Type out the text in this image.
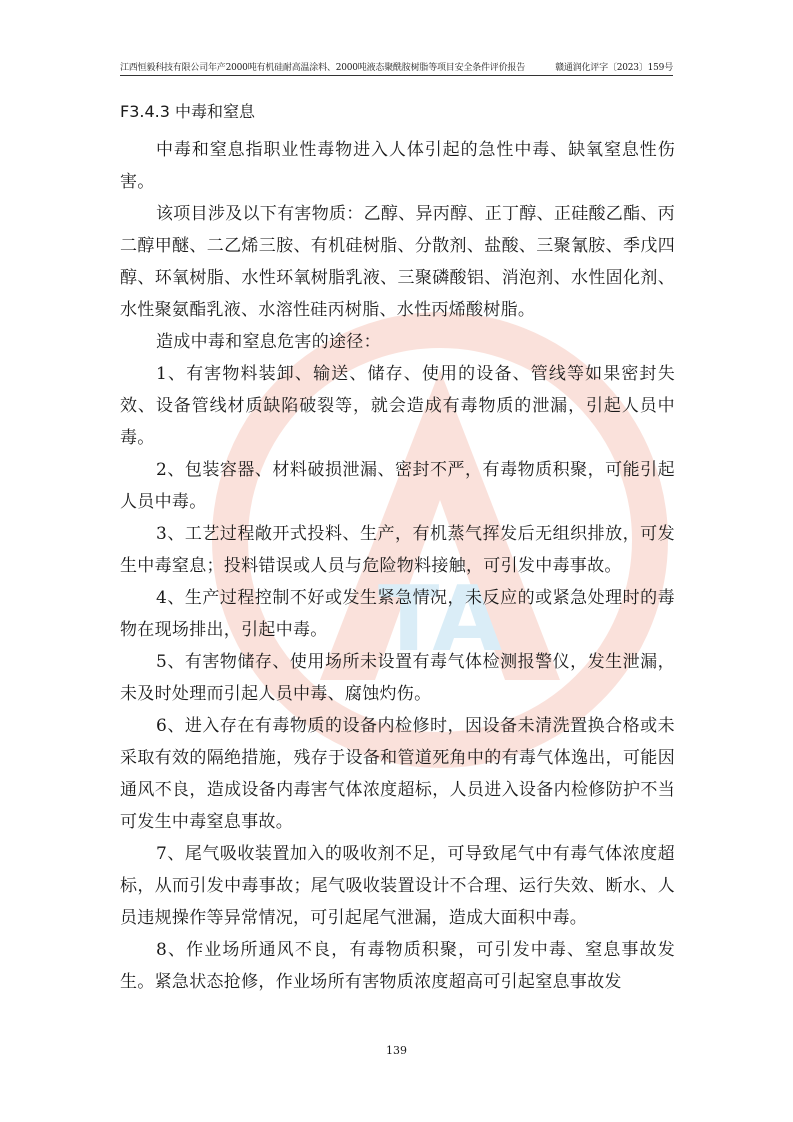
江西恒毅科技有限公司年产2000吨有机硅耐高温涂料、2000吨液态聚酰胺树脂等项目安全条件评价报告	赣通润化评字〔2023〕159号
TA
F3.4.3 中毒和窒息

中毒和窒息指职业性毒物进入人体引起的急性中毒、缺氧窒息性伤害。

该项目涉及以下有害物质：乙醇、异丙醇、正丁醇、正硅酸乙酯、丙二醇甲醚、二乙烯三胺、有机硅树脂、分散剂、盐酸、三聚氰胺、季戊四醇、环氧树脂、水性环氧树脂乳液、三聚磷酸铝、消泡剂、水性固化剂、水性聚氨酯乳液、水溶性硅丙树脂、水性丙烯酸树脂。

造成中毒和窒息危害的途径：

1、有害物料装卸、输送、储存、使用的设备、管线等如果密封失效、设备管线材质缺陷破裂等，就会造成有毒物质的泄漏，引起人员中毒。

2、包装容器、材料破损泄漏、密封不严，有毒物质积聚，可能引起人员中毒。

3、工艺过程敞开式投料、生产，有机蒸气挥发后无组织排放，可发生中毒窒息；投料错误或人员与危险物料接触，可引发中毒事故。

4、生产过程控制不好或发生紧急情况，未反应的或紧急处理时的毒物在现场排出，引起中毒。

5、有害物储存、使用场所未设置有毒气体检测报警仪，发生泄漏，未及时处理而引起人员中毒、腐蚀灼伤。

6、进入存在有毒物质的设备内检修时，因设备未清洗置换合格或未采取有效的隔绝措施，残存于设备和管道死角中的有毒气体逸出，可能因通风不良，造成设备内毒害气体浓度超标，人员进入设备内检修防护不当可发生中毒窒息事故。

7、尾气吸收装置加入的吸收剂不足，可导致尾气中有毒气体浓度超标，从而引发中毒事故；尾气吸收装置设计不合理、运行失效、断水、人员违规操作等异常情况，可引起尾气泄漏，造成大面积中毒。

8、作业场所通风不良，有毒物质积聚，可引发中毒、窒息事故发生。紧急状态抢修，作业场所有害物质浓度超高可引起窒息事故发

139
